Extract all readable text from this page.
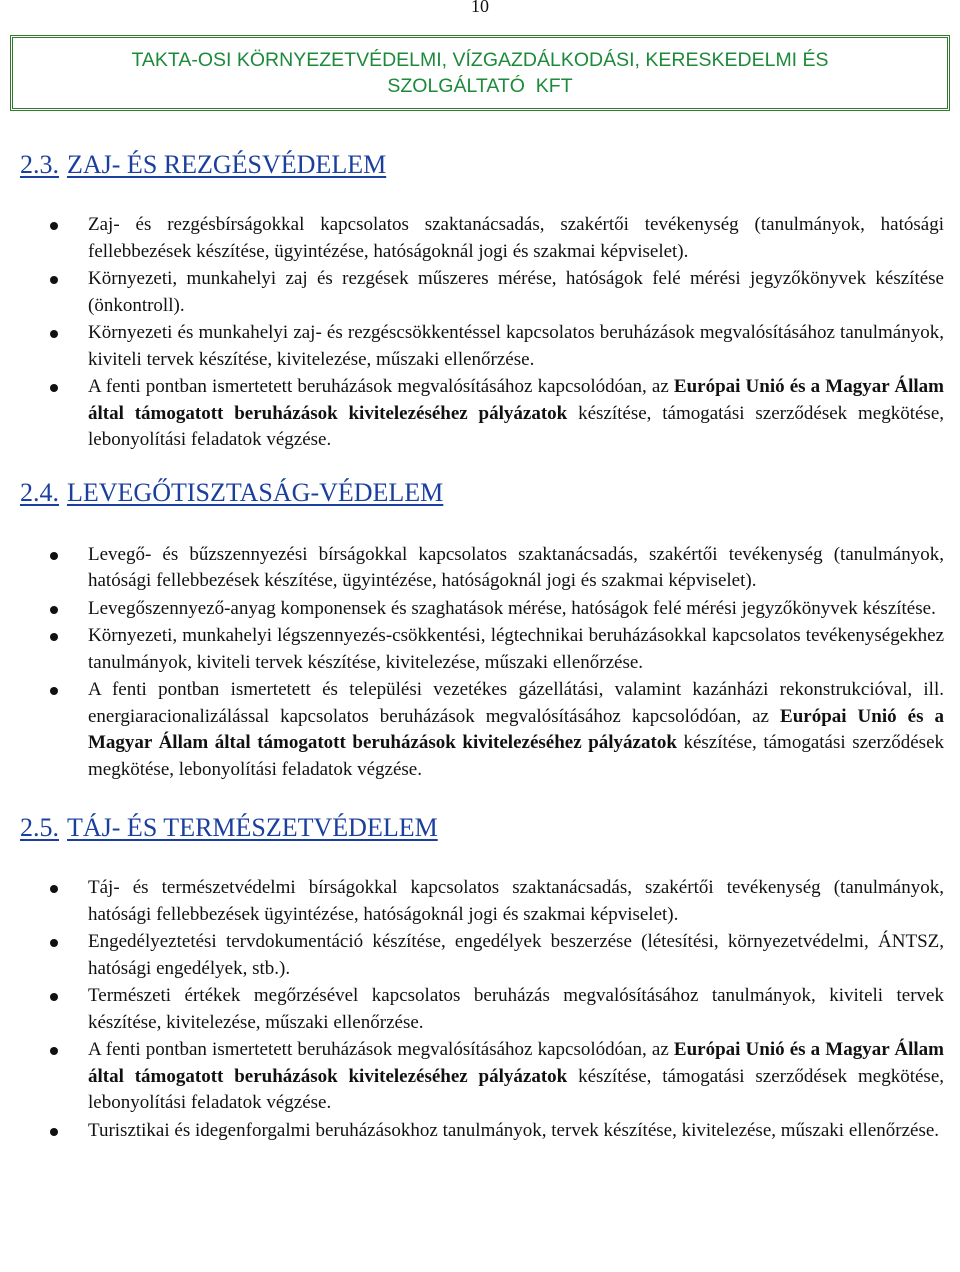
10
TAKTA-OSI KÖRNYEZETVÉDELMI, VÍZGAZDÁLKODÁSI, KERESKEDELMI ÉS
SZOLGÁLTATÓ  KFT
2.3. ZAJ- ÉS REZGÉSVÉDELEM
Zaj- és rezgésbírságokkal kapcsolatos szaktanácsadás, szakértői tevékenység (tanulmányok, hatósági fellebbezések készítése, ügyintézése, hatóságoknál jogi és szakmai képviselet).
Környezeti, munkahelyi zaj és rezgések műszeres mérése, hatóságok felé mérési jegyzőkönyvek készítése (önkontroll).
Környezeti és munkahelyi zaj- és rezgéscsökkentéssel kapcsolatos beruházások megvalósításához tanulmányok, kiviteli tervek készítése, kivitelezése, műszaki ellenőrzése.
A fenti pontban ismertetett beruházások megvalósításához kapcsolódóan, az Európai Unió és a Magyar Állam által támogatott beruházások kivitelezéséhez pályázatok készítése, támogatási szerződések megkötése, lebonyolítási feladatok végzése.
2.4. LEVEGŐTISZTASÁG-VÉDELEM
Levegő- és bűzszennyezési bírságokkal kapcsolatos szaktanácsadás, szakértői tevékenység (tanulmányok, hatósági fellebbezések készítése, ügyintézése, hatóságoknál jogi és szakmai képviselet).
Levegőszennyező-anyag komponensek és szaghatások mérése, hatóságok felé mérési jegyzőkönyvek készítése.
Környezeti, munkahelyi légszennyezés-csökkentési, légtechnikai beruházásokkal kapcsolatos tevékenységekhez tanulmányok, kiviteli tervek készítése, kivitelezése, műszaki ellenőrzése.
A fenti pontban ismertetett és települési vezetékes gázellátási, valamint kazánházi rekonstrukcióval, ill. energiaracionalizálással kapcsolatos beruházások megvalósításához kapcsolódóan, az Európai Unió és a Magyar Állam által támogatott beruházások kivitelezéséhez pályázatok készítése, támogatási szerződések megkötése, lebonyolítási feladatok végzése.
2.5. TÁJ- ÉS TERMÉSZETVÉDELEM
Táj- és természetvédelmi bírságokkal kapcsolatos szaktanácsadás, szakértői tevékenység (tanulmányok, hatósági fellebbezések ügyintézése, hatóságoknál jogi és szakmai képviselet).
Engedélyeztetési tervdokumentáció készítése, engedélyek beszerzése (létesítési, környezetvédelmi, ÁNTSZ, hatósági engedélyek, stb.).
Természeti értékek megőrzésével kapcsolatos beruházás megvalósításához tanulmányok, kiviteli tervek készítése, kivitelezése, műszaki ellenőrzése.
A fenti pontban ismertetett beruházások megvalósításához kapcsolódóan, az Európai Unió és a Magyar Állam által támogatott beruházások kivitelezéséhez pályázatok készítése, támogatási szerződések megkötése, lebonyolítási feladatok végzése.
Turisztikai és idegenforgalmi beruházásokhoz tanulmányok, tervek készítése, kivitelezése, műszaki ellenőrzése.
